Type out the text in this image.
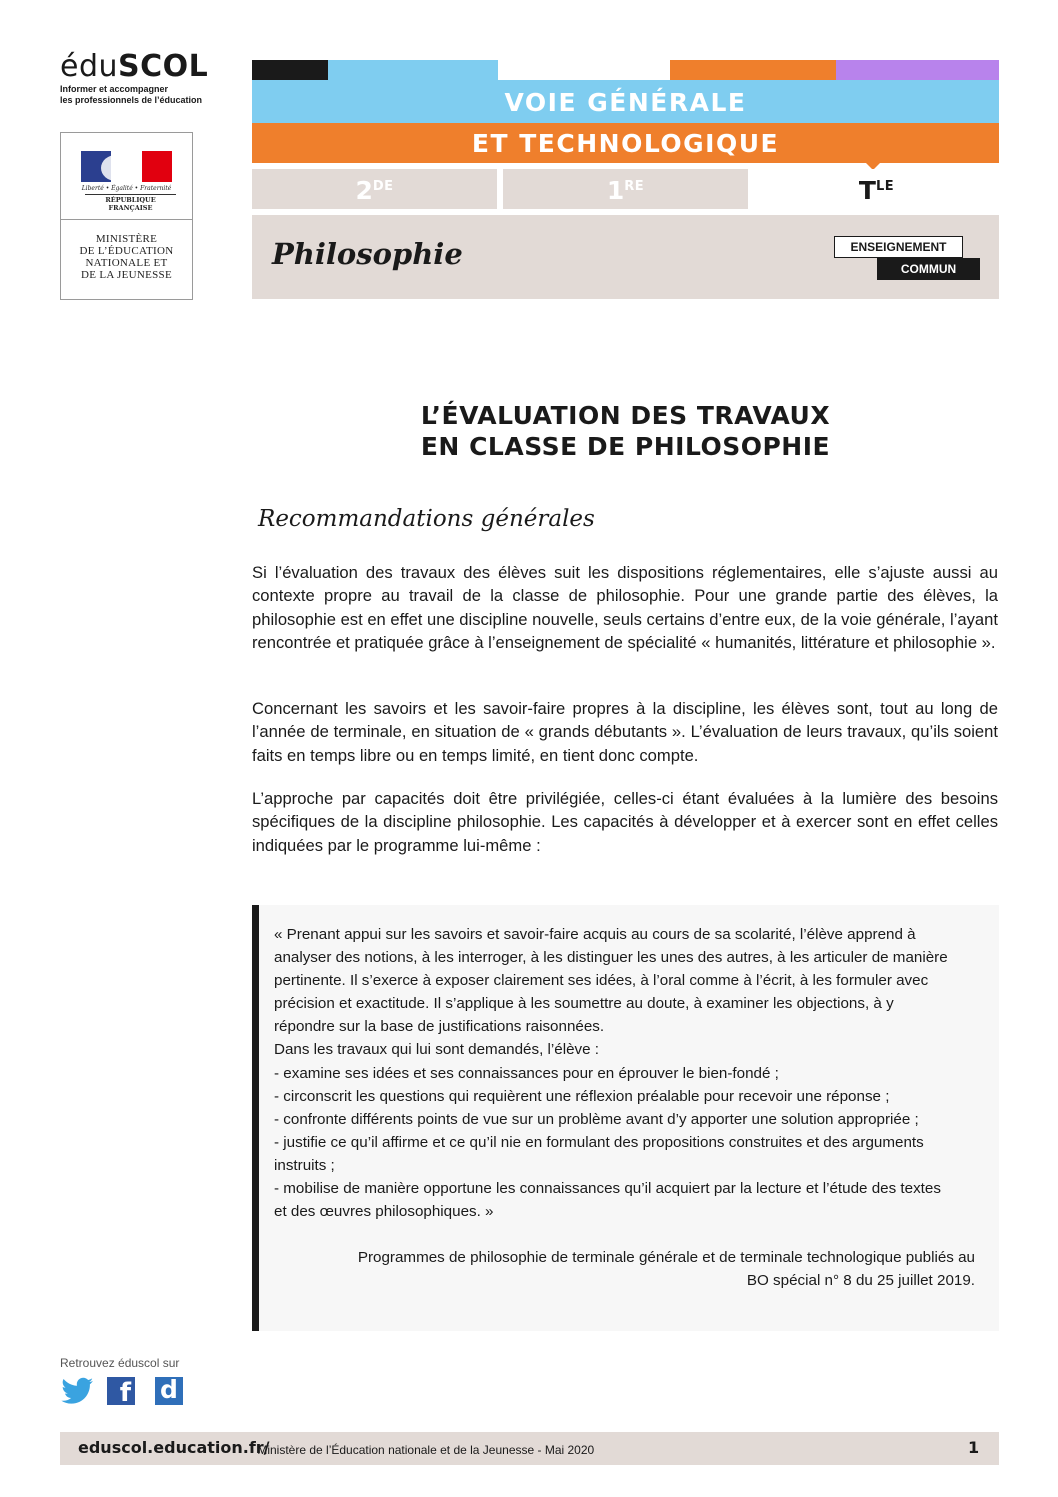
éduSCOL
Informer et accompagner
les professionnels de l’éducation
Liberté • Égalité • Fraternité
RÉPUBLIQUE FRANÇAISE
MINISTÈRE
DE L’ÉDUCATION
NATIONALE ET
DE LA JEUNESSE
VOIE GÉNÉRALE
ET TECHNOLOGIQUE
2DE	1RE	$T^{LE}$
Philosophie	ENSEIGNEMENT
COMMUN
L’ÉVALUATION DES TRAVAUX
EN CLASSE DE PHILOSOPHIE
Recommandations générales
Si l’évaluation des travaux des élèves suit les dispositions réglementaires, elle s’ajuste aussi au contexte propre au travail de la classe de philosophie. Pour une grande partie des élèves, la philosophie est en effet une discipline nouvelle, seuls certains d’entre eux, de la voie générale, l’ayant rencontrée et pratiquée grâce à l’enseignement de spécialité « humanités, littérature et philosophie ».
Concernant les savoirs et les savoir-faire propres à la discipline, les élèves sont, tout au long de l’année de terminale, en situation de « grands débutants ». L’évaluation de leurs travaux, qu’ils soient faits en temps libre ou en temps limité, en tient donc compte.
L’approche par capacités doit être privilégiée, celles-ci étant évaluées à la lumière des besoins spécifiques de la discipline philosophie. Les capacités à développer et à exercer sont en effet celles indiquées par le programme lui-même :
« Prenant appui sur les savoirs et savoir-faire acquis au cours de sa scolarité, l’élève apprend à
analyser des notions, à les interroger, à les distinguer les unes des autres, à les articuler de manière
pertinente. Il s’exerce à exposer clairement ses idées, à l’oral comme à l’écrit, à les formuler avec
précision et exactitude. Il s’applique à les soumettre au doute, à examiner les objections, à y
répondre sur la base de justifications raisonnées.
Dans les travaux qui lui sont demandés, l’élève :
- examine ses idées et ses connaissances pour en éprouver le bien-fondé ;
- circonscrit les questions qui requièrent une réflexion préalable pour recevoir une réponse ;
- confronte différents points de vue sur un problème avant d’y apporter une solution appropriée ;
- justifie ce qu’il affirme et ce qu’il nie en formulant des propositions construites et des arguments
instruits ;
- mobilise de manière opportune les connaissances qu’il acquiert par la lecture et l’étude des textes
et des œuvres philosophiques. »
Programmes de philosophie de terminale générale et de terminale technologique publiés au
BO spécial n° 8 du 25 juillet 2019.
Retrouvez éduscol sur
f d
eduscol.education.fr/
- Ministère de l’Éducation nationale et de la Jeunesse - Mai 2020	1
